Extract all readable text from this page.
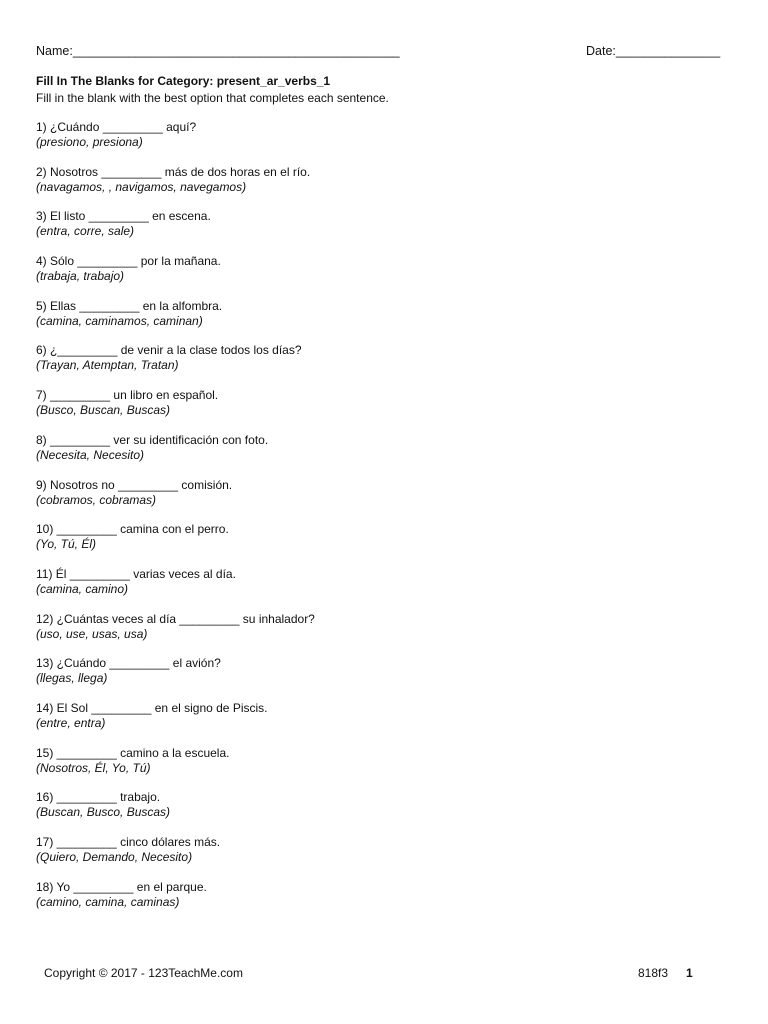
Name:_______________________________________________	Date:_______________
Fill In The Blanks for Category: present_ar_verbs_1
Fill in the blank with the best option that completes each sentence.
1) ¿Cuándo _________ aquí?
(presiono, presiona)
2) Nosotros _________ más de dos horas en el río.
(navagamos, , navigamos, navegamos)
3) El listo _________ en escena.
(entra, corre, sale)
4) Sólo _________ por la mañana.
(trabaja, trabajo)
5) Ellas _________ en la alfombra.
(camina, caminamos, caminan)
6) ¿_________ de venir a la clase todos los días?
(Trayan, Atemptan, Tratan)
7) _________ un libro en español.
(Busco, Buscan, Buscas)
8) _________ ver su identificación con foto.
(Necesita, Necesito)
9) Nosotros no _________ comisión.
(cobramos, cobramas)
10) _________ camina con el perro.
(Yo, Tú, Él)
11) Él _________ varias veces al día.
(camina, camino)
12) ¿Cuántas veces al día _________ su inhalador?
(uso, use, usas, usa)
13) ¿Cuándo _________ el avión?
(llegas, llega)
14) El Sol _________ en el signo de Piscis.
(entre, entra)
15) _________ camino a la escuela.
(Nosotros, Él, Yo, Tú)
16) _________ trabajo.
(Buscan, Busco, Buscas)
17) _________ cinco dólares más.
(Quiero, Demando, Necesito)
18) Yo _________ en el parque.
(camino, camina, caminas)
Copyright © 2017 - 123TeachMe.com	818f3 1
